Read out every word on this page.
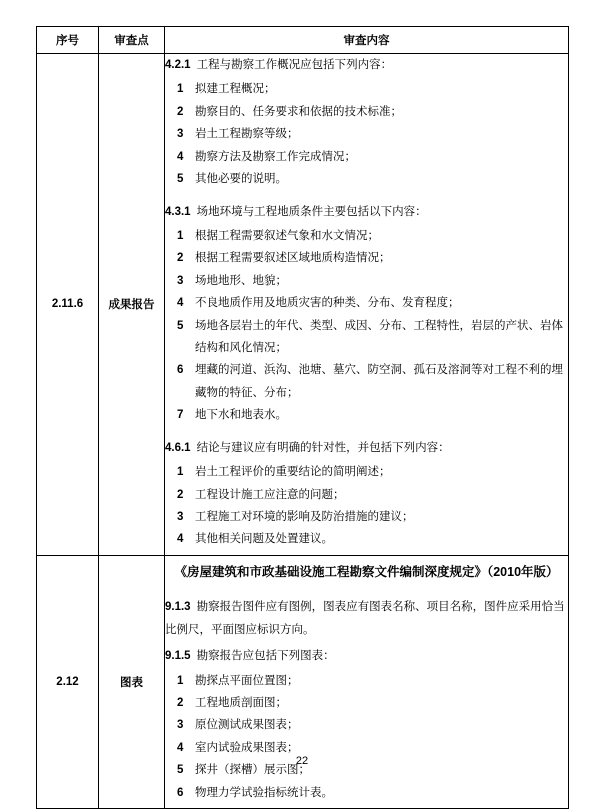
序号	审查点	审查内容
2.11.6	成果报告	
4.2.1 工程与勘察工作概况应包括下列内容：
拟建工程概况；
勘察目的、任务要求和依据的技术标准；
岩土工程勘察等级；
勘察方法及勘察工作完成情况；
其他必要的说明。
4.3.1 场地环境与工程地质条件主要包括以下内容：
根据工程需要叙述气象和水文情况；
根据工程需要叙述区域地质构造情况；
场地地形、地貌；
不良地质作用及地质灾害的种类、分布、发育程度；
场地各层岩土的年代、类型、成因、分布、工程特性，岩层的产状、岩体结构和风化情况；
埋藏的河道、浜沟、池塘、墓穴、防空洞、孤石及溶洞等对工程不利的埋藏物的特征、分布；
地下水和地表水。
4.6.1 结论与建议应有明确的针对性，并包括下列内容：
岩土工程评价的重要结论的简明阐述；
工程设计施工应注意的问题；
工程施工对环境的影响及防治措施的建议；
其他相关问题及处置建议。

2.12	图表	
《房屋建筑和市政基础设施工程勘察文件编制深度规定》（2010年版）
9.1.3 勘察报告图件应有图例，图表应有图表名称、项目名称，图件应采用恰当比例尺，平面图应标识方向。
9.1.5 勘察报告应包括下列图表：
勘探点平面位置图；
工程地质剖面图；
原位测试成果图表；
室内试验成果图表；
探井（探槽）展示图；
物理力学试验指标统计表。
22
